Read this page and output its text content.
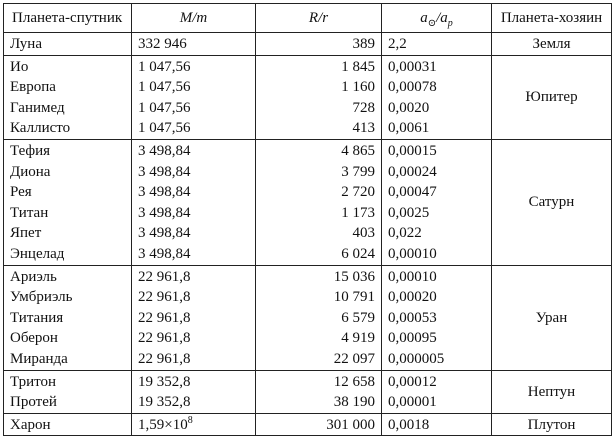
Планета-спутник	M/m	R/r	$a_⊙/a_p$	Планета-хозяин
Луна	332 946	389	2,2	Земля
Ио	1 047,56	1 845	0,00031	Юпитер
Европа	1 047,56	1 160	0,00078	
Ганимед	1 047,56	728	0,0020	
Каллисто	1 047,56	413	0,0061	
Тефия	3 498,84	4 865	0,00015	Сатурн
Диона	3 498,84	3 799	0,00024	
Рея	3 498,84	2 720	0,00047	
Титан	3 498,84	1 173	0,0025	
Япет	3 498,84	403	0,022	
Энцелад	3 498,84	6 024	0,00010	
Ариэль	22 961,8	15 036	0,00010	Уран
Умбриэль	22 961,8	10 791	0,00020	
Титания	22 961,8	6 579	0,00053	
Оберон	22 961,8	4 919	0,00095	
Миранда	22 961,8	22 097	0,000005	
Тритон	19 352,8	12 658	0,00012	Нептун
Протей	19 352,8	38 190	0,00001	
Харон	$1,59\times 10^8$	301 000	0,0018	Плутон
